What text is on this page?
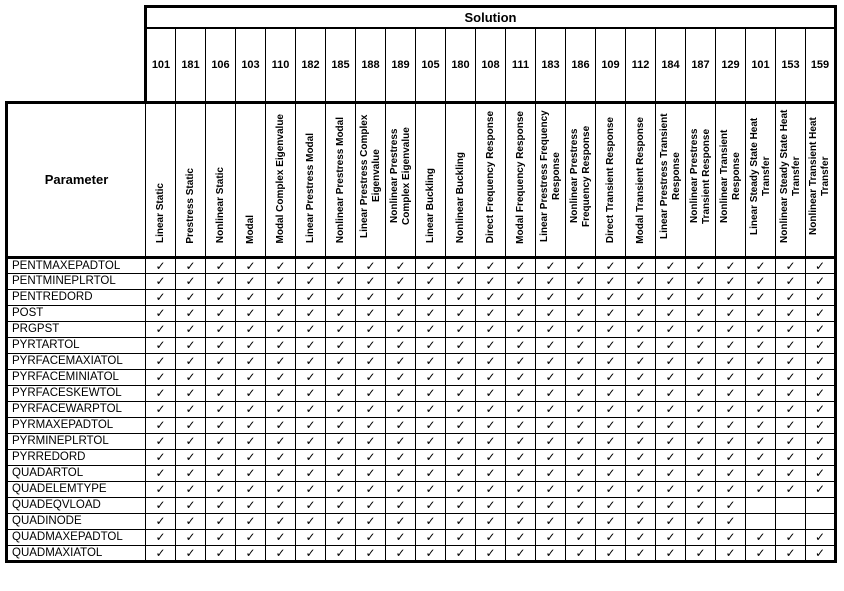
	Solution																						
	101	181	106	103	110	182	185	188	189	105	180	108	111	183	186	109	112	184	187	129	101	153	159
Parameter	Linear Static	Prestress Static	Nonlinear Static	Modal	Modal Complex Eigenvalue	Linear Prestress Modal	Nonlinear Prestress Modal	Linear Prestress Complex Eigenvalue	Nonlinear Prestress Complex Eigenvalue	Linear Buckling	Nonlinear Buckling	Direct Frequency Response	Modal Frequency Response	Linear Prestress Frequency Response	Nonlinear Prestress Frequency Response	Direct Transient Response	Modal Transient Response	Linear Prestress Transient Response	Nonlinear Prestress Transient Response	Nonlinear Transient Response	Linear Steady State Heat Transfer	Nonlinear Steady State Heat Transfer	Nonlinear Transient Heat Transfer
PENTMAXEPADTOL	✓	✓	✓	✓	✓	✓	✓	✓	✓	✓	✓	✓	✓	✓	✓	✓	✓	✓	✓	✓	✓	✓	✓
PENTMINEPLRTOL	✓	✓	✓	✓	✓	✓	✓	✓	✓	✓	✓	✓	✓	✓	✓	✓	✓	✓	✓	✓	✓	✓	✓
PENTREDORD	✓	✓	✓	✓	✓	✓	✓	✓	✓	✓	✓	✓	✓	✓	✓	✓	✓	✓	✓	✓	✓	✓	✓
POST	✓	✓	✓	✓	✓	✓	✓	✓	✓	✓	✓	✓	✓	✓	✓	✓	✓	✓	✓	✓	✓	✓	✓
PRGPST	✓	✓	✓	✓	✓	✓	✓	✓	✓	✓	✓	✓	✓	✓	✓	✓	✓	✓	✓	✓	✓	✓	✓
PYRTARTOL	✓	✓	✓	✓	✓	✓	✓	✓	✓	✓	✓	✓	✓	✓	✓	✓	✓	✓	✓	✓	✓	✓	✓
PYRFACEMAXIATOL	✓	✓	✓	✓	✓	✓	✓	✓	✓	✓	✓	✓	✓	✓	✓	✓	✓	✓	✓	✓	✓	✓	✓
PYRFACEMINIATOL	✓	✓	✓	✓	✓	✓	✓	✓	✓	✓	✓	✓	✓	✓	✓	✓	✓	✓	✓	✓	✓	✓	✓
PYRFACESKEWTOL	✓	✓	✓	✓	✓	✓	✓	✓	✓	✓	✓	✓	✓	✓	✓	✓	✓	✓	✓	✓	✓	✓	✓
PYRFACEWARPTOL	✓	✓	✓	✓	✓	✓	✓	✓	✓	✓	✓	✓	✓	✓	✓	✓	✓	✓	✓	✓	✓	✓	✓
PYRMAXEPADTOL	✓	✓	✓	✓	✓	✓	✓	✓	✓	✓	✓	✓	✓	✓	✓	✓	✓	✓	✓	✓	✓	✓	✓
PYRMINEPLRTOL	✓	✓	✓	✓	✓	✓	✓	✓	✓	✓	✓	✓	✓	✓	✓	✓	✓	✓	✓	✓	✓	✓	✓
PYRREDORD	✓	✓	✓	✓	✓	✓	✓	✓	✓	✓	✓	✓	✓	✓	✓	✓	✓	✓	✓	✓	✓	✓	✓
QUADARTOL	✓	✓	✓	✓	✓	✓	✓	✓	✓	✓	✓	✓	✓	✓	✓	✓	✓	✓	✓	✓	✓	✓	✓
QUADELEMTYPE	✓	✓	✓	✓	✓	✓	✓	✓	✓	✓	✓	✓	✓	✓	✓	✓	✓	✓	✓	✓	✓	✓	✓
QUADEQVLOAD	✓	✓	✓	✓	✓	✓	✓	✓	✓	✓	✓	✓	✓	✓	✓	✓	✓	✓	✓	✓			
QUADINODE	✓	✓	✓	✓	✓	✓	✓	✓	✓	✓	✓	✓	✓	✓	✓	✓	✓	✓	✓	✓			
QUADMAXEPADTOL	✓	✓	✓	✓	✓	✓	✓	✓	✓	✓	✓	✓	✓	✓	✓	✓	✓	✓	✓	✓	✓	✓	✓
QUADMAXIATOL	✓	✓	✓	✓	✓	✓	✓	✓	✓	✓	✓	✓	✓	✓	✓	✓	✓	✓	✓	✓	✓	✓	✓
